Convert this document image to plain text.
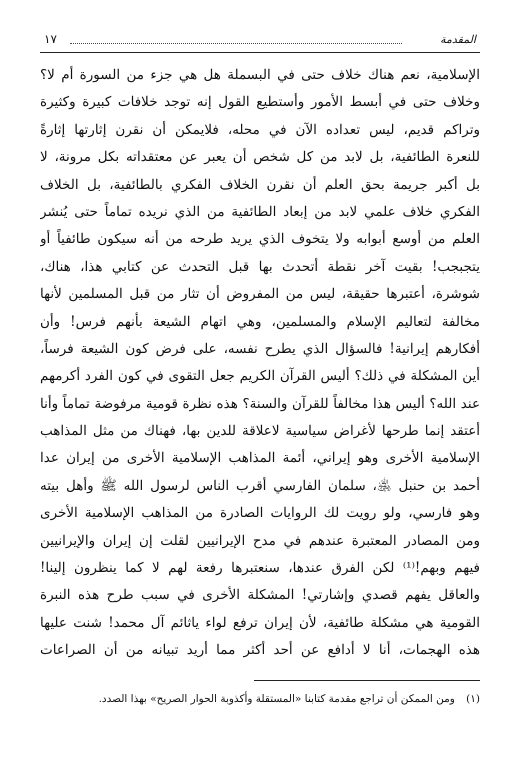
١٧	المقدمة
الإسلامية، نعم هناك خلاف حتى في البسملة هل هي جزء من السورة أم لا؟
وخلاف حتى في أبسط الأمور وأستطيع القول إنه توجد خلافات كبيرة وكثيرة
وتراكم قديم، ليس تعداده الآن في محله، فلايمكن أن نقرن إثارتها إثارةً
للنعرة الطائفية، بل لابد من كل شخص أن يعبر عن معتقداته بكل مرونة، لا
بل أكبر جريمة بحق العلم أن نقرن الخلاف الفكري بالطائفية، بل الخلاف
الفكري خلاف علمي لابد من إبعاد الطائفية من الذي نريده تماماً حتى يُنشر
العلم من أوسع أبوابه ولا يتخوف الذي يريد طرحه من أنه سيكون طائفياً أو
يتجبجب! بقيت آخر نقطة أتحدث بها قبل التحدث عن كتابي هذا، هناك،
شوشرة، أعتبرها حقيقة، ليس من المفروض أن تثار من قبل المسلمين لأنها
مخالفة لتعاليم الإسلام والمسلمين، وهي اتهام الشيعة بأنهم فرس! وأن
أفكارهم إيرانية! فالسؤال الذي يطرح نفسه، على فرض كون الشيعة فرساً،
أين المشكلة في ذلك؟ أليس القرآن الكريم جعل التقوى في كون الفرد أكرمهم
عند الله؟ أليس هذا مخالفاً للقرآن والسنة؟ هذه نظرة قومية مرفوضة تماماً وأنا
أعتقد إنما طرحها لأغراض سياسية لاعلاقة للدين بها، فهناك من مثل المذاهب
الإسلامية الأخرى وهو إيراني، أئمة المذاهب الإسلامية الأخرى من إيران عدا
أحمد بن حنبل ﵁، سلمان الفارسي أقرب الناس لرسول الله ﷺ وأهل بيته
وهو فارسي، ولو رويت لك الروايات الصادرة من المذاهب الإسلامية الأخرى
ومن المصادر المعتبرة عندهم في مدح الإيرانيين لقلت إن إيران والإيرانيين
فيهم وبهم!⁽¹⁾ لكن الفرق عندها، سنعتبرها رفعة لهم لا كما ينظرون إلينا!
والعاقل يفهم قصدي وإشارتي! المشكلة الأخرى في سبب طرح هذه النبرة
القومية هي مشكلة طائفية، لأن إيران ترفع لواء ياثائم آل محمد! شنت عليها
هذه الهجمات، أنا لا أدافع عن أحد أكثر مما أريد تبيانه من أن الصراعات
(١) ومن الممكن أن تراجع مقدمة كتابنا «المستقلة وأكذوبة الحوار الصريح» بهذا الصدد.
